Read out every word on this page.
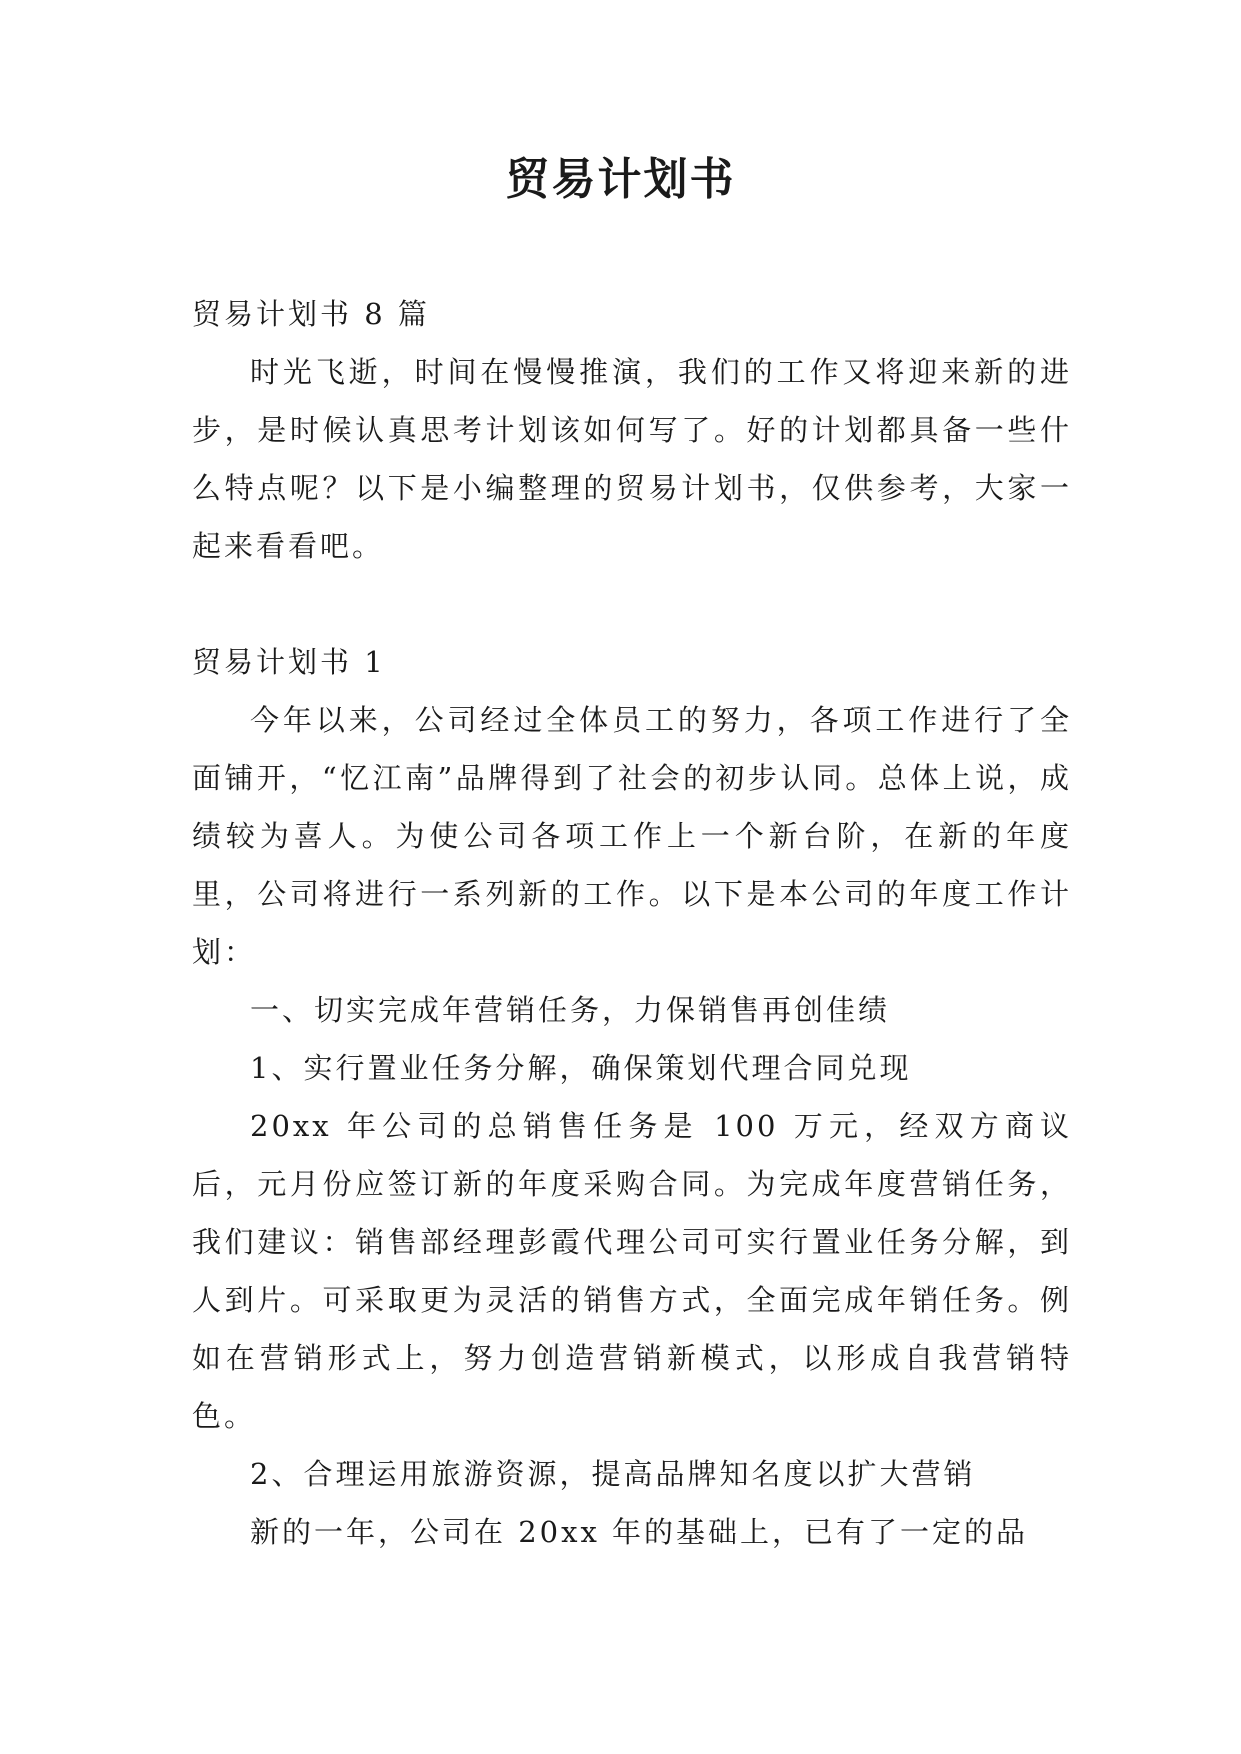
贸易计划书

贸易计划书 8 篇

时光飞逝，时间在慢慢推演，我们的工作又将迎来新的进步，是时候认真思考计划该如何写了。好的计划都具备一些什么特点呢？以下是小编整理的贸易计划书，仅供参考，大家一起来看看吧。

贸易计划书 1

今年以来，公司经过全体员工的努力，各项工作进行了全面铺开，“忆江南”品牌得到了社会的初步认同。总体上说，成绩较为喜人。为使公司各项工作上一个新台阶，在新的年度里，公司将进行一系列新的工作。以下是本公司的年度工作计划：

一、切实完成年营销任务，力保销售再创佳绩

1、实行置业任务分解，确保策划代理合同兑现

20xx 年公司的总销售任务是 100 万元，经双方商议后，元月份应签订新的年度采购合同。为完成年度营销任务，我们建议：销售部经理彭霞代理公司可实行置业任务分解，到人到片。可采取更为灵活的销售方式，全面完成年销任务。例如在营销形式上，努力创造营销新模式，以形成自我营销特色。

2、合理运用旅游资源，提高品牌知名度以扩大营销

新的一年，公司在 20xx 年的基础上，已有了一定的品
